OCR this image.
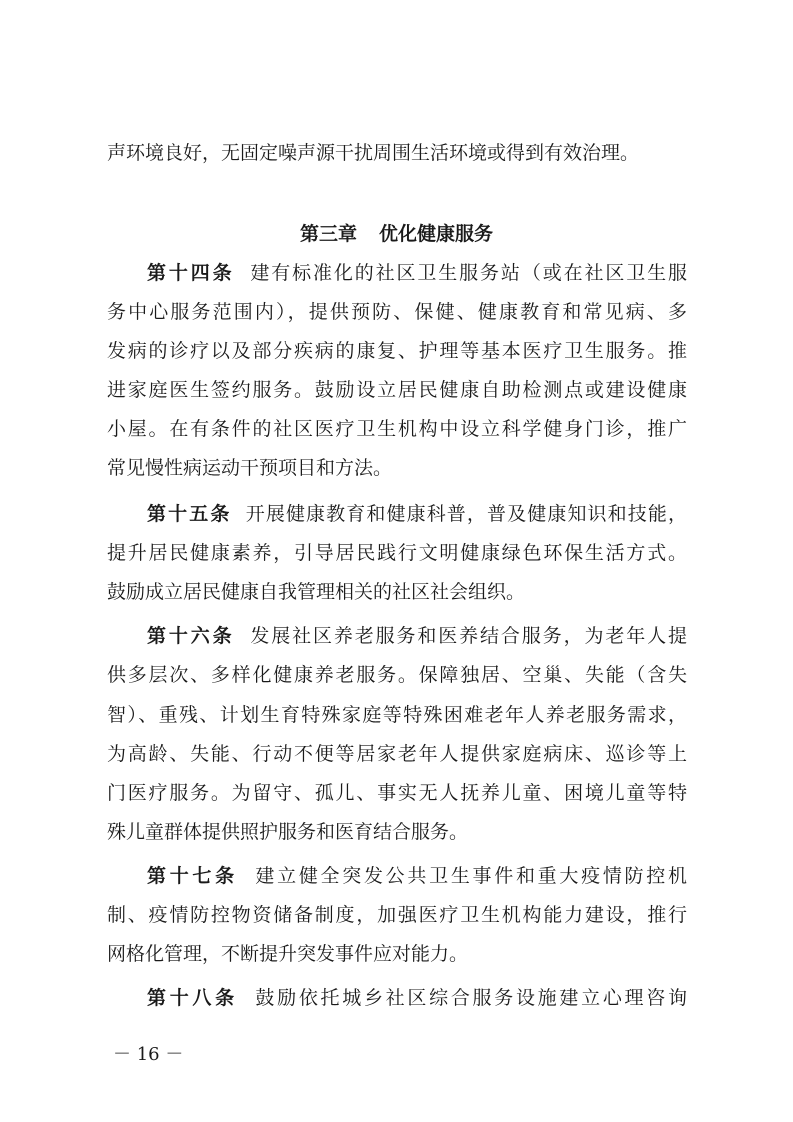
声环境良好，无固定噪声源干扰周围生活环境或得到有效治理。
第三章 优化健康服务
第十四条 建有标准化的社区卫生服务站（或在社区卫生服
务中心服务范围内），提供预防、保健、健康教育和常见病、多
发病的诊疗以及部分疾病的康复、护理等基本医疗卫生服务。推
进家庭医生签约服务。鼓励设立居民健康自助检测点或建设健康
小屋。在有条件的社区医疗卫生机构中设立科学健身门诊，推广
常见慢性病运动干预项目和方法。
第十五条 开展健康教育和健康科普，普及健康知识和技能，
提升居民健康素养，引导居民践行文明健康绿色环保生活方式。
鼓励成立居民健康自我管理相关的社区社会组织。
第十六条 发展社区养老服务和医养结合服务，为老年人提
供多层次、多样化健康养老服务。保障独居、空巢、失能（含失
智）、重残、计划生育特殊家庭等特殊困难老年人养老服务需求，
为高龄、失能、行动不便等居家老年人提供家庭病床、巡诊等上
门医疗服务。为留守、孤儿、事实无人抚养儿童、困境儿童等特
殊儿童群体提供照护服务和医育结合服务。
第十七条 建立健全突发公共卫生事件和重大疫情防控机
制、疫情防控物资储备制度，加强医疗卫生机构能力建设，推行
网格化管理，不断提升突发事件应对能力。
第十八条 鼓励依托城乡社区综合服务设施建立心理咨询
－ 16 －
